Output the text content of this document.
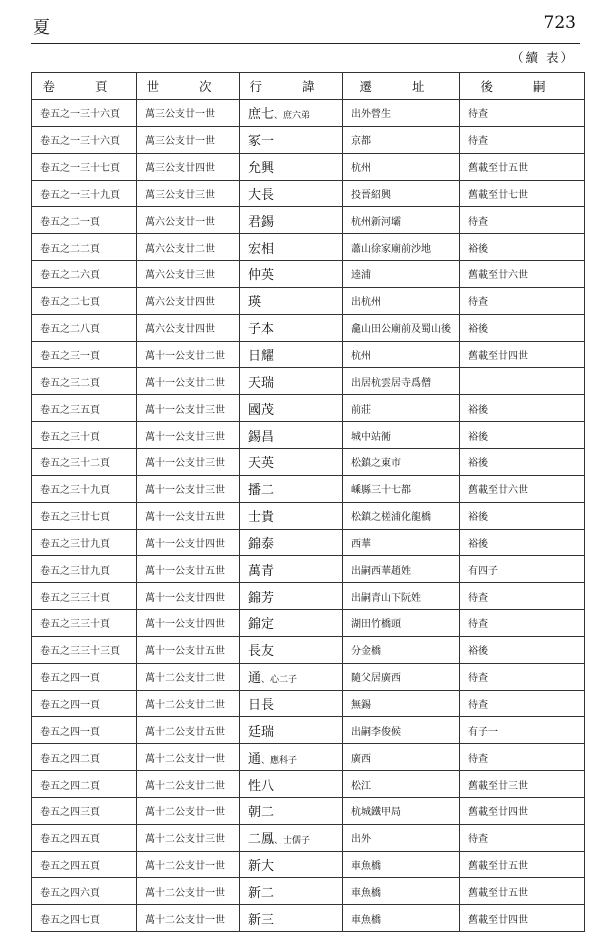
夏	723
（續 表）
卷 頁	世 次	行 諱	遷 址	後 嗣
卷五之一三十六頁	萬三公支廿一世	庶七、庶六弟	出外營生	待查
卷五之一三十六頁	萬三公支廿一世	冢一	京都	待查
卷五之一三十七頁	萬三公支廿四世	允興	杭州	舊載至廿五世
卷五之一三十九頁	萬三公支廿三世	大長	投晉紹興	舊載至廿七世
卷五之二一頁	萬六公支廿一世	君錫	杭州新河壩	待查
卷五之二二頁	萬六公支廿二世	宏相	蕭山徐家廟前沙地	裕後
卷五之二六頁	萬六公支廿三世	仲英	逵浦	舊載至廿六世
卷五之二七頁	萬六公支廿四世	瑛	出杭州	待查
卷五之二八頁	萬六公支廿四世	子本	龕山田公廟前及蜀山後	裕後
卷五之三一頁	萬十一公支廿二世	日耀	杭州	舊載至廿四世
卷五之三二頁	萬十一公支廿二世	天瑞	出居杭雲居寺爲僧	
卷五之三五頁	萬十一公支廿三世	國茂	前莊	裕後
卷五之三十頁	萬十一公支廿三世	錫昌	城中站衕	裕後
卷五之三十二頁	萬十一公支廿三世	天英	松鎮之東市	裕後
卷五之三十九頁	萬十一公支廿三世	播二	嵊縣三十七都	舊載至廿六世
卷五之三廿七頁	萬十一公支廿五世	士貴	松鎮之槎浦化龍橋	裕後
卷五之三廿九頁	萬十一公支廿四世	錦泰	西華	裕後
卷五之三廿九頁	萬十一公支廿五世	萬青	出嗣西華趙姓	有四子
卷五之三三十頁	萬十一公支廿四世	錦芳	出嗣青山下阮姓	待查
卷五之三三十頁	萬十一公支廿四世	錦定	湖田竹橋頭	待查
卷五之三三十三頁	萬十一公支廿五世	長友	分金橋	裕後
卷五之四一頁	萬十二公支廿二世	通、心二子	隨父居廣西	待查
卷五之四一頁	萬十二公支廿二世	日長	無錫	待查
卷五之四一頁	萬十二公支廿五世	廷瑞	出嗣李俊候	有子一
卷五之四二頁	萬十二公支廿一世	通、應科子	廣西	待查
卷五之四二頁	萬十二公支廿二世	性八	松江	舊載至廿三世
卷五之四三頁	萬十二公支廿一世	朝二	杭城鐵甲局	舊載至廿四世
卷五之四五頁	萬十二公支廿三世	二鳳、士儒子	出外	待查
卷五之四五頁	萬十二公支廿一世	新大	車魚橋	舊載至廿五世
卷五之四六頁	萬十二公支廿一世	新二	車魚橋	舊載至廿五世
卷五之四七頁	萬十二公支廿一世	新三	車魚橋	舊載至廿四世
